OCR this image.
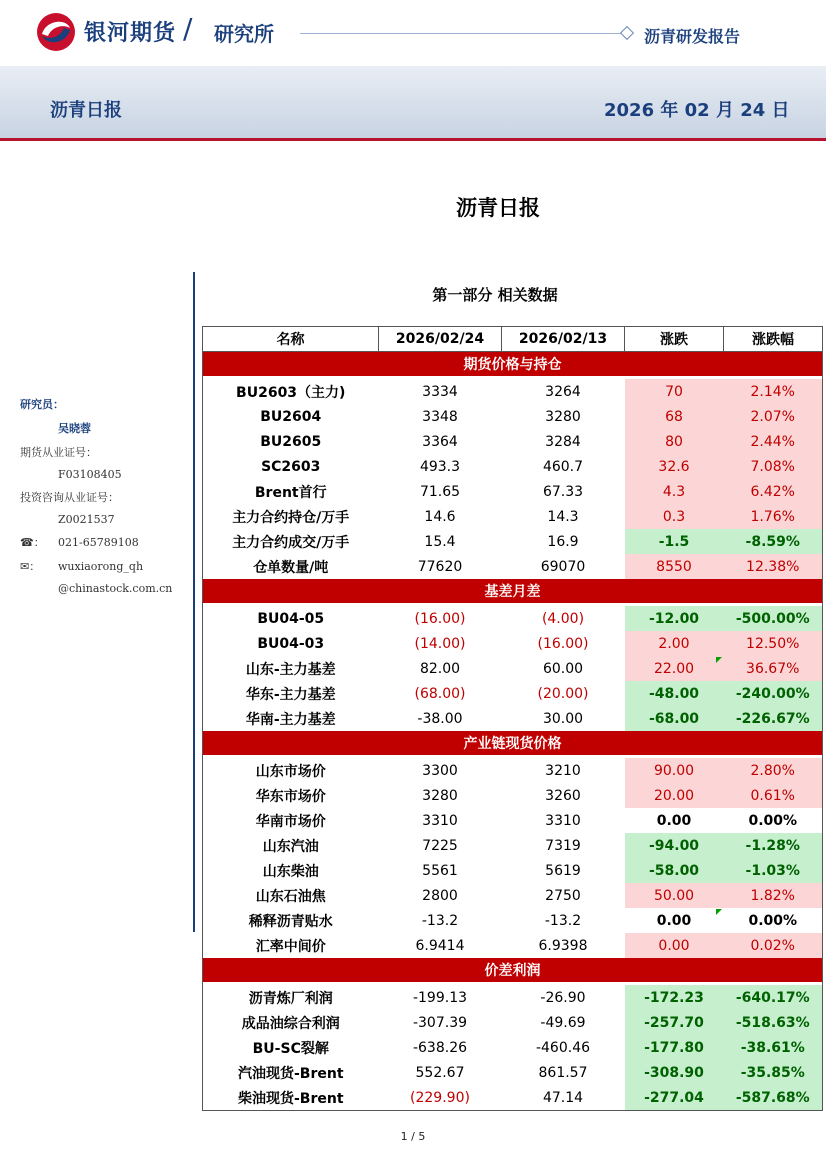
银河期货 / 研究所	沥青研发报告
沥青日报	2026 年 02 月 24 日
沥青日报
研究员：
吴晓蓉
期货从业证号：
F03108405
投资咨询从业证号：
Z0021537
☎： 021-65789108
✉： wuxiaorong_qh
@chinastock.com.cn
第一部分 相关数据
名称	2026/02/24	2026/02/13	涨跌	涨跌幅
期货价格与持仓				

BU2603（主力)	3334	3264	70	2.14%
BU2604	3348	3280	68	2.07%
BU2605	3364	3284	80	2.44%
SC2603	493.3	460.7	32.6	7.08%
Brent首行	71.65	67.33	4.3	6.42%
主力合约持仓/万手	14.6	14.3	0.3	1.76%
主力合约成交/万手	15.4	16.9	-1.5	-8.59%
仓单数量/吨	77620	69070	8550	12.38%
基差月差				

BU04-05	(16.00)	(4.00)	-12.00	-500.00%
BU04-03	(14.00)	(16.00)	2.00	12.50%
山东-主力基差	82.00	60.00	22.00	36.67%
华东-主力基差	(68.00)	(20.00)	-48.00	-240.00%
华南-主力基差	-38.00	30.00	-68.00	-226.67%
产业链现货价格				

山东市场价	3300	3210	90.00	2.80%
华东市场价	3280	3260	20.00	0.61%
华南市场价	3310	3310	0.00	0.00%
山东汽油	7225	7319	-94.00	-1.28%
山东柴油	5561	5619	-58.00	-1.03%
山东石油焦	2800	2750	50.00	1.82%
稀释沥青贴水	-13.2	-13.2	0.00	0.00%
汇率中间价	6.9414	6.9398	0.00	0.02%
价差利润				

沥青炼厂利润	-199.13	-26.90	-172.23	-640.17%
成品油综合利润	-307.39	-49.69	-257.70	-518.63%
BU-SC裂解	-638.26	-460.46	-177.80	-38.61%
汽油现货-Brent	552.67	861.57	-308.90	-35.85%
柴油现货-Brent	(229.90)	47.14	-277.04	-587.68%
1 / 5
